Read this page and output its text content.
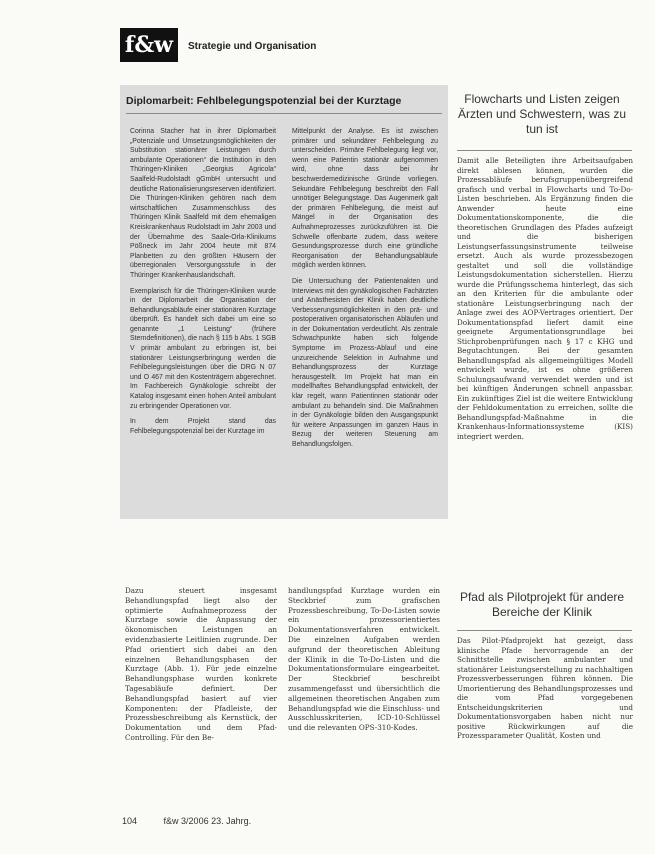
f&w	Strategie und Organisation
Diplomarbeit: Fehlbelegungspotenzial bei der Kurztage

Corinna Stacher hat in ihrer Diplomarbeit „Potenziale und Umsetzungsmöglichkeiten der Substitution stationärer Leistungen durch ambulante Operationen“ die Institution in den Thüringen-Kliniken „Georgius Agricola“ Saalfeld-Rudolstadt gGmbH untersucht und deutliche Rationalisierungsreserven identifiziert. Die Thüringen-Kliniken gehören nach dem wirtschaftlichen Zusammenschluss des Thüringen Klinik Saalfeld mit dem ehemaligen Kreiskrankenhaus Rudolstadt im Jahr 2003 und der Übernahme des Saale-Orla-Klinikums Pößneck im Jahr 2004 heute mit 874 Planbetten zu den größten Häusern der überregionalen Versorgungsstufe in der Thüringer Krankenhauslandschaft.

Exemplarisch für die Thüringen-Kliniken wurde in der Diplomarbeit die Organisation der Behandlungsabläufe einer stationären Kurztage überprüft. Es handelt sich dabei um eine so genannte „1 Leistung“ (frühere Sterndefinitionen), die nach § 115 b Abs. 1 SGB V primär ambulant zu erbringen ist, bei stationärer Leistungserbringung werden die Fehlbelegungsleistungen über die DRG N 07 und O 467 mit den Kostenträgern abgerechnet. Im Fachbereich Gynäkologie schreibt der Katalog insgesamt einen hohen Anteil ambulant zu erbringender Operationen vor.

In dem Projekt stand das Fehlbelegungspotenzial bei der Kurztage im

Mittelpunkt der Analyse. Es ist zwischen primärer und sekundärer Fehlbelegung zu unterscheiden. Primäre Fehlbelegung liegt vor, wenn eine Patientin stationär aufgenommen wird, ohne dass bei ihr beschwerdemedizinische Gründe vorliegen. Sekundäre Fehlbelegung beschreibt den Fall unnötiger Belegungstage. Das Augenmerk galt der primären Fehlbelegung, die meist auf Mängel in der Organisation des Aufnahmeprozesses zurückzuführen ist. Die Schwelle offenbarte zudem, dass weitere Gesundungsprozesse durch eine gründliche Reorganisation der Behandlungsabläufe möglich werden können.

Die Untersuchung der Patientenakten und Interviews mit den gynäkologischen Fachärzten und Anästhesisten der Klinik haben deutliche Verbesserungsmöglichkeiten in den prä- und postoperativen organisatorischen Abläufen und in der Dokumentation verdeutlicht. Als zentrale Schwachpunkte haben sich folgende Symptome im Prozess-Ablauf und eine unzureichende Selektion in Aufnahme und Behandlungsprozess der Kurztage herausgestellt. Im Projekt hat man ein modellhaftes Behandlungspfad entwickelt, der klar regelt, wann Patientinnen stationär oder ambulant zu behandeln sind. Die Maßnahmen in der Gynäkologie bilden den Ausgangspunkt für weitere Anpassungen im ganzen Haus in Bezug der weiteren Steuerung am Behandlungsfolgen.

Flowcharts und Listen zeigen Ärzten und Schwestern, was zu tun ist

Damit alle Beteiligten ihre Arbeitsaufgaben direkt ablesen können, wurden die Prozessabläufe berufsgruppenübergreifend grafisch und verbal in Flowcharts und To-Do-Listen beschrieben. Als Ergänzung finden die Anwender heute eine Dokumentationskomponente, die die theoretischen Grundlagen des Pfades aufzeigt und die bisherigen Leistungserfassungsinstrumente teilweise ersetzt. Auch als wurde prozessbezogen gestaltet und soll die vollständige Leistungsdokumentation sicherstellen. Hierzu wurde die Prüfungsschema hinterlegt, das sich an den Kriterien für die ambulante oder stationäre Leistungserbringung nach der Anlage zwei des AOP-Vertrages orientiert. Der Dokumentationspfad liefert damit eine geeignete Argumentationsgrundlage bei Stichprobenprüfungen nach § 17 c KHG und Begutachtungen. Bei der gesamten Behandlungspfad als allgemeingültiges Modell entwickelt wurde, ist es ohne größeren Schulungsaufwand verwendet werden und ist bei künftigen Änderungen schnell anpassbar. Ein zukünftiges Ziel ist die weitere Entwicklung der Fehldokumentation zu erreichen, sollte die Behandlungspfad-Maßnahme in die Krankenhaus-Informationssysteme (KIS) integriert werden.

Pfad als Pilotprojekt für andere Bereiche der Klinik

Das Pilot-Pfadprojekt hat gezeigt, dass klinische Pfade hervorragende an der Schnittstelle zwischen ambulanter und stationärer Leistungserstellung zu nachhaltigen Prozessverbesserungen führen können. Die Umorientierung des Behandlungsprozesses und die vom Pfad vorgegebenen Entscheidungskriterien und Dokumentationsvorgaben haben nicht nur positive Rückwirkungen auf die Prozessparameter Qualität, Kosten und

Dazu steuert insgesamt Behandlungspfad liegt also der optimierte Aufnahmeprozess der Kurztage sowie die Anpassung der ökonomischen Leistungen an evidenzbasierte Leitlinien zugrunde. Der Pfad orientiert sich dabei an den einzelnen Behandlungsphasen der Kurztage (Abb. 1). Für jede einzelne Behandlungsphase wurden konkrete Tagesabläufe definiert. Der Behandlungspfad basiert auf vier Komponenten: der Pfadleiste, der Prozessbeschreibung als Kernstück, der Dokumentation und dem Pfad-Controlling. Für den Be-

handlungspfad Kurztage wurden ein Steckbrief zum grafischen Prozessbeschreibung, To-Do-Listen sowie ein prozessorientiertes Dokumentationsverfahren entwickelt. Die einzelnen Aufgaben werden aufgrund der theoretischen Ableitung der Klinik in die To-Do-Listen und die Dokumentationsformulare eingearbeitet. Der Steckbrief beschreibt zusammengefasst und übersichtlich die allgemeinen theoretischen Angaben zum Behandlungspfad wie die Einschluss- und Ausschlusskriterien, ICD-10-Schlüssel und die relevanten OPS-310-Kodes.

104	f&w 3/2006 23. Jahrg.
